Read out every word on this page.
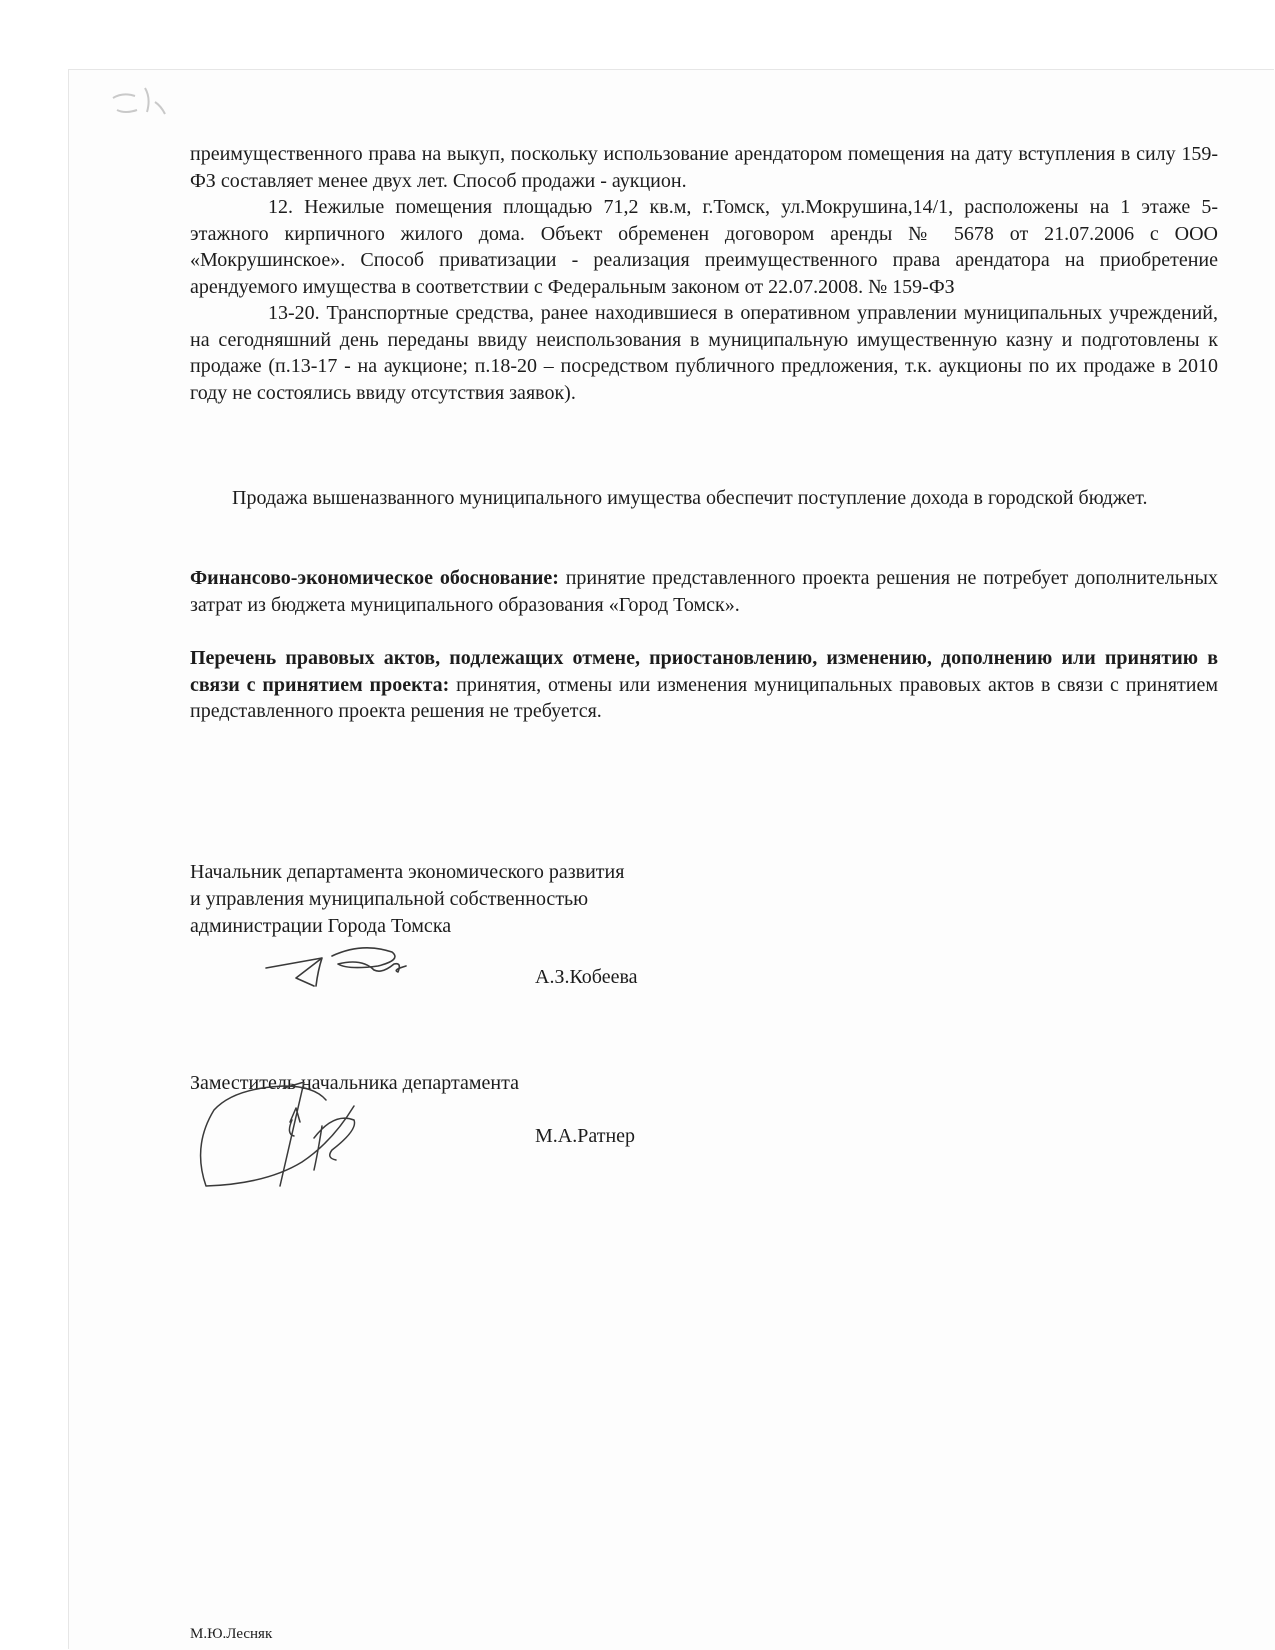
преимущественного права на выкуп, поскольку использование арендатором помещения на дату вступления в силу 159-ФЗ составляет менее двух лет. Способ продажи - аукцион.

12. Нежилые помещения площадью 71,2 кв.м, г.Томск, ул.Мокрушина,14/1, расположены на 1 этаже 5-этажного кирпичного жилого дома. Объект обременен договором аренды № 5678 от 21.07.2006 с ООО «Мокрушинское». Способ приватизации - реализация преимущественного права арендатора на приобретение арендуемого имущества в соответствии с Федеральным законом от 22.07.2008. № 159-ФЗ

13-20. Транспортные средства, ранее находившиеся в оперативном управлении муниципальных учреждений, на сегодняшний день переданы ввиду неиспользования в муниципальную имущественную казну и подготовлены к продаже (п.13-17 - на аукционе; п.18-20 – посредством публичного предложения, т.к. аукционы по их продаже в 2010 году не состоялись ввиду отсутствия заявок).

Продажа вышеназванного муниципального имущества обеспечит поступление дохода в городской бюджет.

Финансово-экономическое обоснование: принятие представленного проекта решения не потребует дополнительных затрат из бюджета муниципального образования «Город Томск».

Перечень правовых актов, подлежащих отмене, приостановлению, изменению, дополнению или принятию в связи с принятием проекта: принятия, отмены или изменения муниципальных правовых актов в связи с принятием представленного проекта решения не требуется.

Начальник департамента экономического развития
и управления муниципальной собственностью
администрации Города Томска
А.З.Кобеева
Заместитель начальника департамента
М.А.Ратнер
М.Ю.Лесняк
